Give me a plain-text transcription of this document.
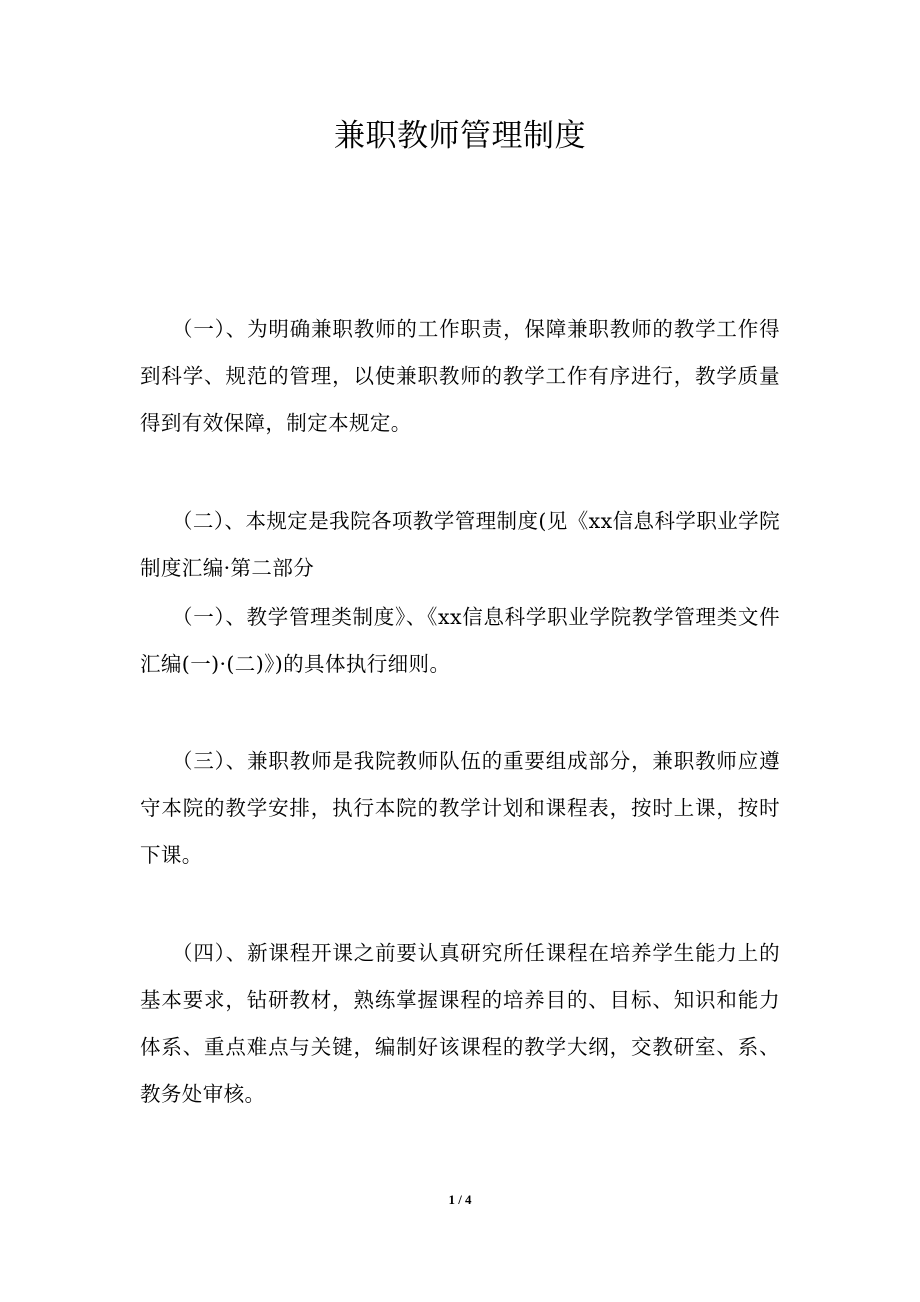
兼职教师管理制度

（一）、为明确兼职教师的工作职责，保障兼职教师的教学工作得到科学、规范的管理，以使兼职教师的教学工作有序进行，教学质量得到有效保障，制定本规定。

（二）、本规定是我院各项教学管理制度(见《xx信息科学职业学院制度汇编·第二部分

（一）、教学管理类制度》、《xx信息科学职业学院教学管理类文件汇编(一)·(二)》)的具体执行细则。

（三）、兼职教师是我院教师队伍的重要组成部分，兼职教师应遵守本院的教学安排，执行本院的教学计划和课程表，按时上课，按时下课。

（四）、新课程开课之前要认真研究所任课程在培养学生能力上的基本要求，钻研教材，熟练掌握课程的培养目的、目标、知识和能力体系、重点难点与关键，编制好该课程的教学大纲，交教研室、系、教务处审核。

1 / 4
